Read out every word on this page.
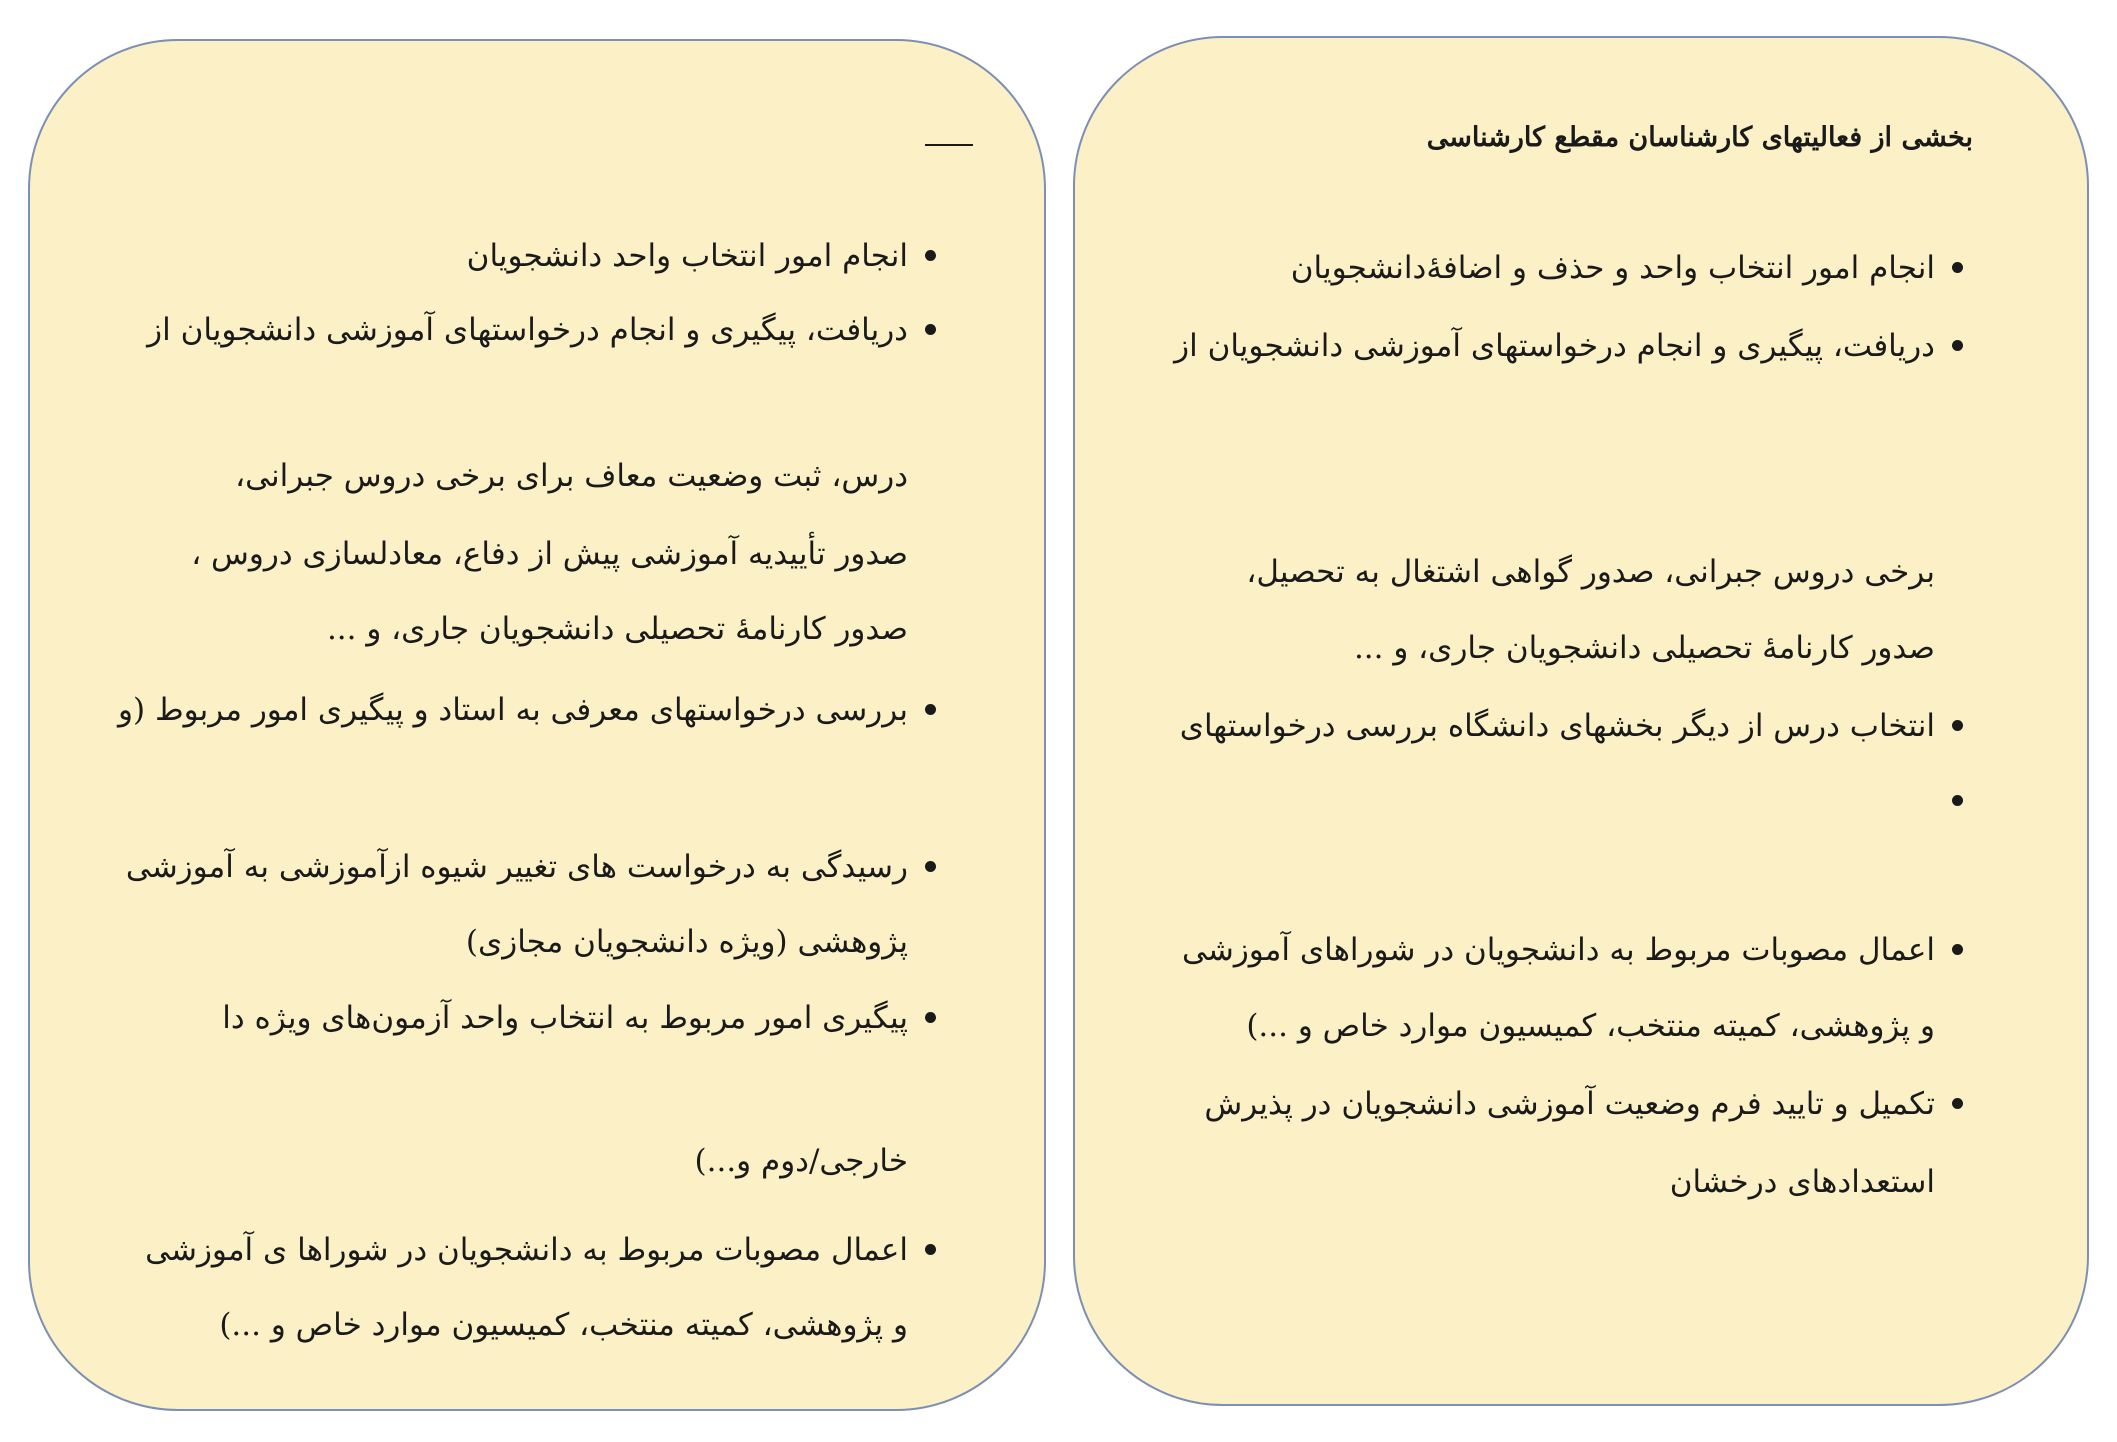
انجام امور انتخاب واحد دانشجویان
دریافت، پیگیری و انجام درخواستهای آموزشی دانشجویان از
درس، ثبت وضعیت معاف برای برخی دروس جبرانی،
صدور تأییدیه آموزشی پیش از دفاع، معادلسازی دروس ،
صدور کارنامۀ تحصیلی دانشجویان جاری، و ...
بررسی درخواستهای معرفی به استاد و پیگیری امور مربوط (و
رسیدگی به درخواست های تغییر شیوه ازآموزشی به آموزشی
پژوهشی (ویژه دانشجویان مجازی)
پیگیری امور مربوط به انتخاب واحد آزمون‌های ویژه دا
خارجی/دوم و...)
اعمال مصوبات مربوط به دانشجویان در شوراها ی آموزشی
و پژوهشی، کمیته منتخب، کمیسیون موارد خاص و ...)
بخشی از فعالیتهای کارشناسان مقطع کارشناسی
انجام امور انتخاب واحد و حذف و اضافۀدانشجویان
دریافت، پیگیری و انجام درخواستهای آموزشی دانشجویان از
برخی دروس جبرانی، صدور گواهی اشتغال به تحصیل،
صدور کارنامۀ تحصیلی دانشجویان جاری، و ...
انتخاب درس از دیگر بخشهای دانشگاه بررسی درخواستهای
اعمال مصوبات مربوط به دانشجویان در شوراهای آموزشی
و پژوهشی، کمیته منتخب، کمیسیون موارد خاص و ...)
تکمیل و تایید فرم وضعیت آموزشی دانشجویان در پذیرش
استعدادهای درخشان
